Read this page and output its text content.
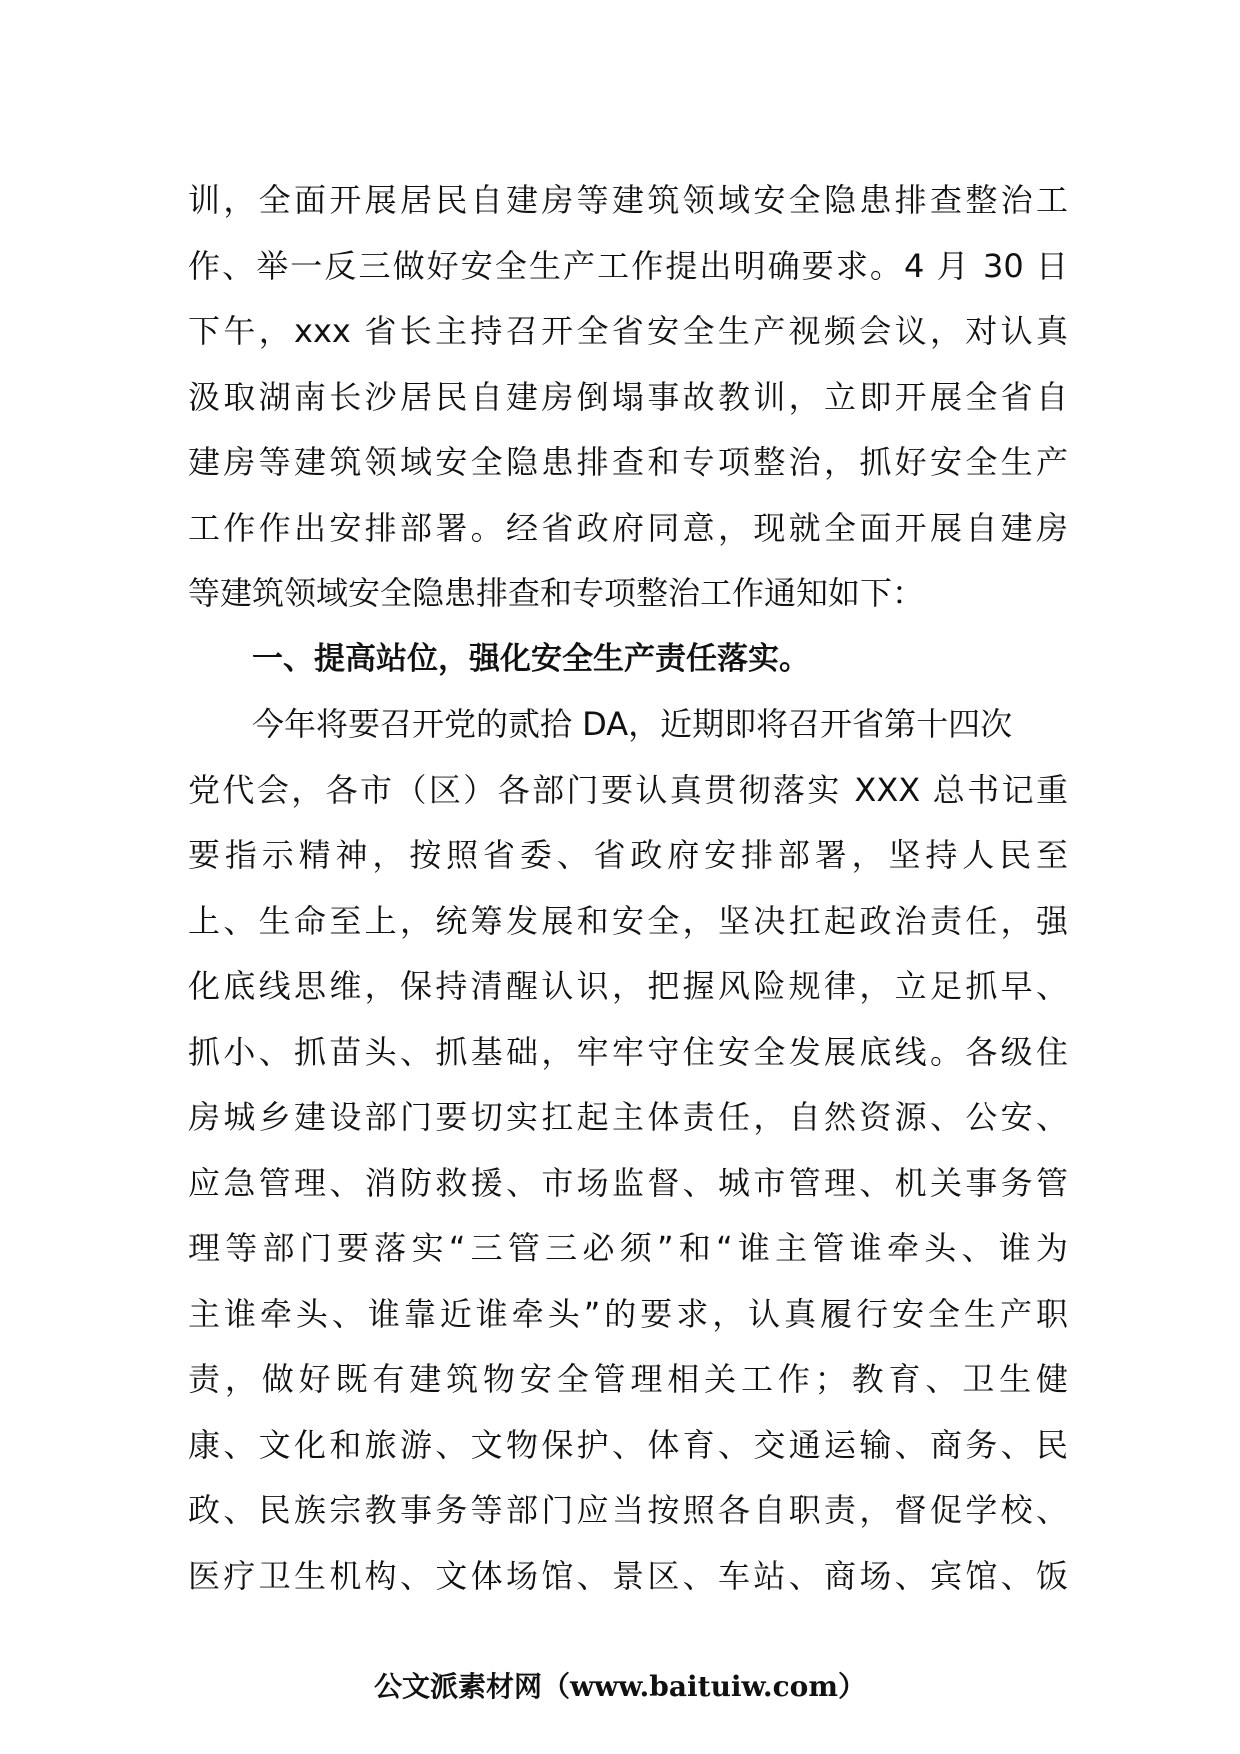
训，全面开展居民自建房等建筑领域安全隐患排查整治工
作、举一反三做好安全生产工作提出明确要求。4 月 30 日
下午，xxx 省长主持召开全省安全生产视频会议，对认真
汲取湖南长沙居民自建房倒塌事故教训，立即开展全省自
建房等建筑领域安全隐患排查和专项整治，抓好安全生产
工作作出安排部署。经省政府同意，现就全面开展自建房
等建筑领域安全隐患排查和专项整治工作通知如下：
一、提高站位，强化安全生产责任落实。
今年将要召开党的贰拾 DA，近期即将召开省第十四次
党代会，各市（区）各部门要认真贯彻落实 XXX 总书记重
要指示精神，按照省委、省政府安排部署，坚持人民至
上、生命至上，统筹发展和安全，坚决扛起政治责任，强
化底线思维，保持清醒认识，把握风险规律，立足抓早、
抓小、抓苗头、抓基础，牢牢守住安全发展底线。各级住
房城乡建设部门要切实扛起主体责任，自然资源、公安、
应急管理、消防救援、市场监督、城市管理、机关事务管
理等部门要落实“三管三必须”和“谁主管谁牵头、谁为
主谁牵头、谁靠近谁牵头”的要求，认真履行安全生产职
责，做好既有建筑物安全管理相关工作；教育、卫生健
康、文化和旅游、文物保护、体育、交通运输、商务、民
政、民族宗教事务等部门应当按照各自职责，督促学校、
医疗卫生机构、文体场馆、景区、车站、商场、宾馆、饭
公文派素材网（www.baituiw.com）
